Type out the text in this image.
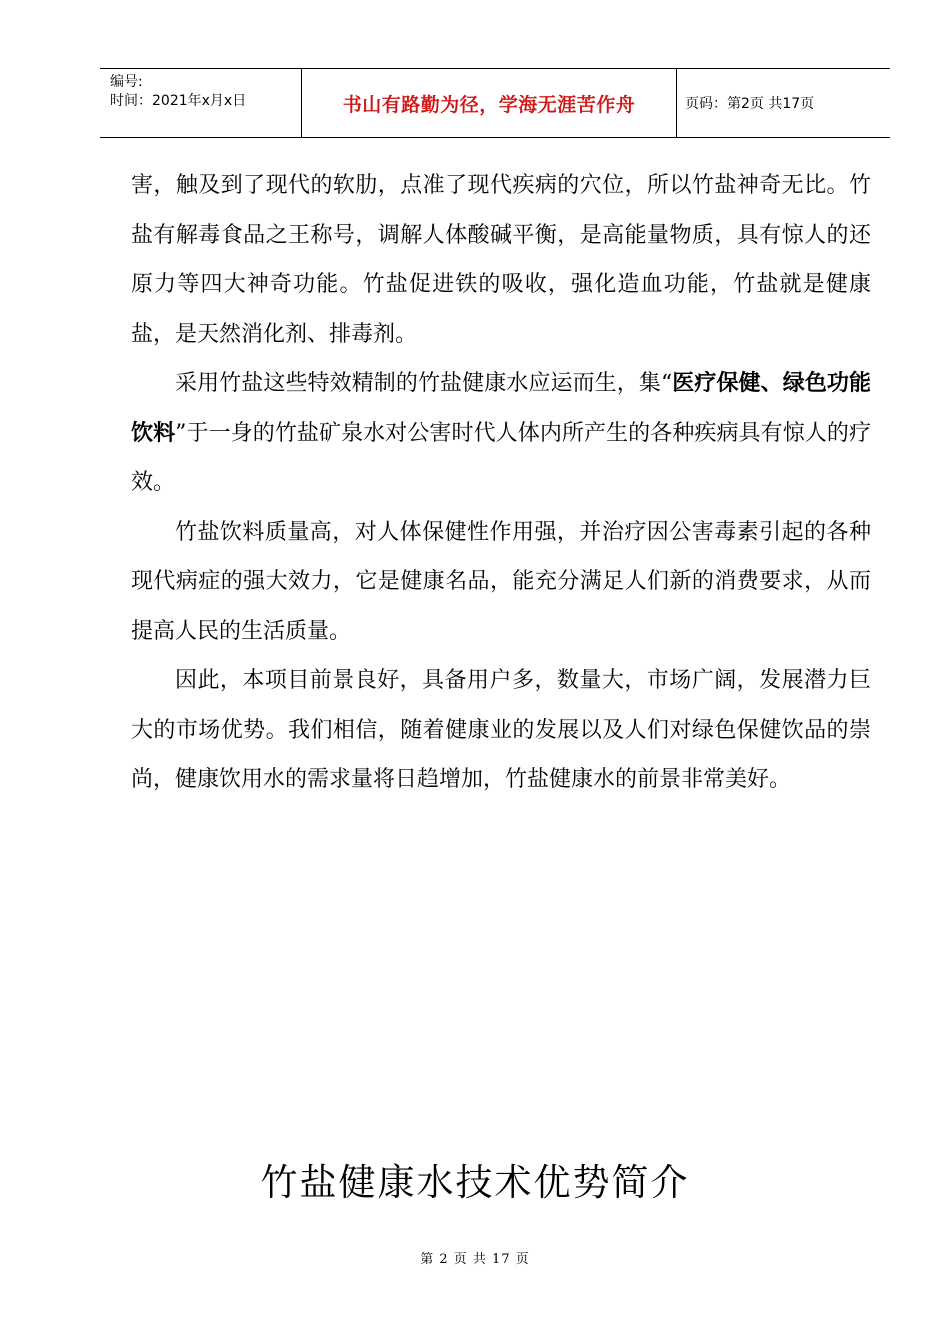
编号:
时间：2021年x月x日	书山有路勤为径，学海无涯苦作舟	页码：第2页 共17页

害，触及到了现代的软肋，点准了现代疾病的穴位，所以竹盐神奇无比。竹盐有解毒食品之王称号，调解人体酸碱平衡，是高能量物质，具有惊人的还原力等四大神奇功能。竹盐促进铁的吸收，强化造血功能，竹盐就是健康盐，是天然消化剂、排毒剂。

采用竹盐这些特效精制的竹盐健康水应运而生，集“医疗保健、绿色功能饮料”于一身的竹盐矿泉水对公害时代人体内所产生的各种疾病具有惊人的疗效。

竹盐饮料质量高，对人体保健性作用强，并治疗因公害毒素引起的各种现代病症的强大效力，它是健康名品，能充分满足人们新的消费要求，从而提高人民的生活质量。

因此，本项目前景良好，具备用户多，数量大，市场广阔，发展潜力巨大的市场优势。我们相信，随着健康业的发展以及人们对绿色保健饮品的崇尚，健康饮用水的需求量将日趋增加，竹盐健康水的前景非常美好。

竹盐健康水技术优势简介
第 2 页 共 17 页
